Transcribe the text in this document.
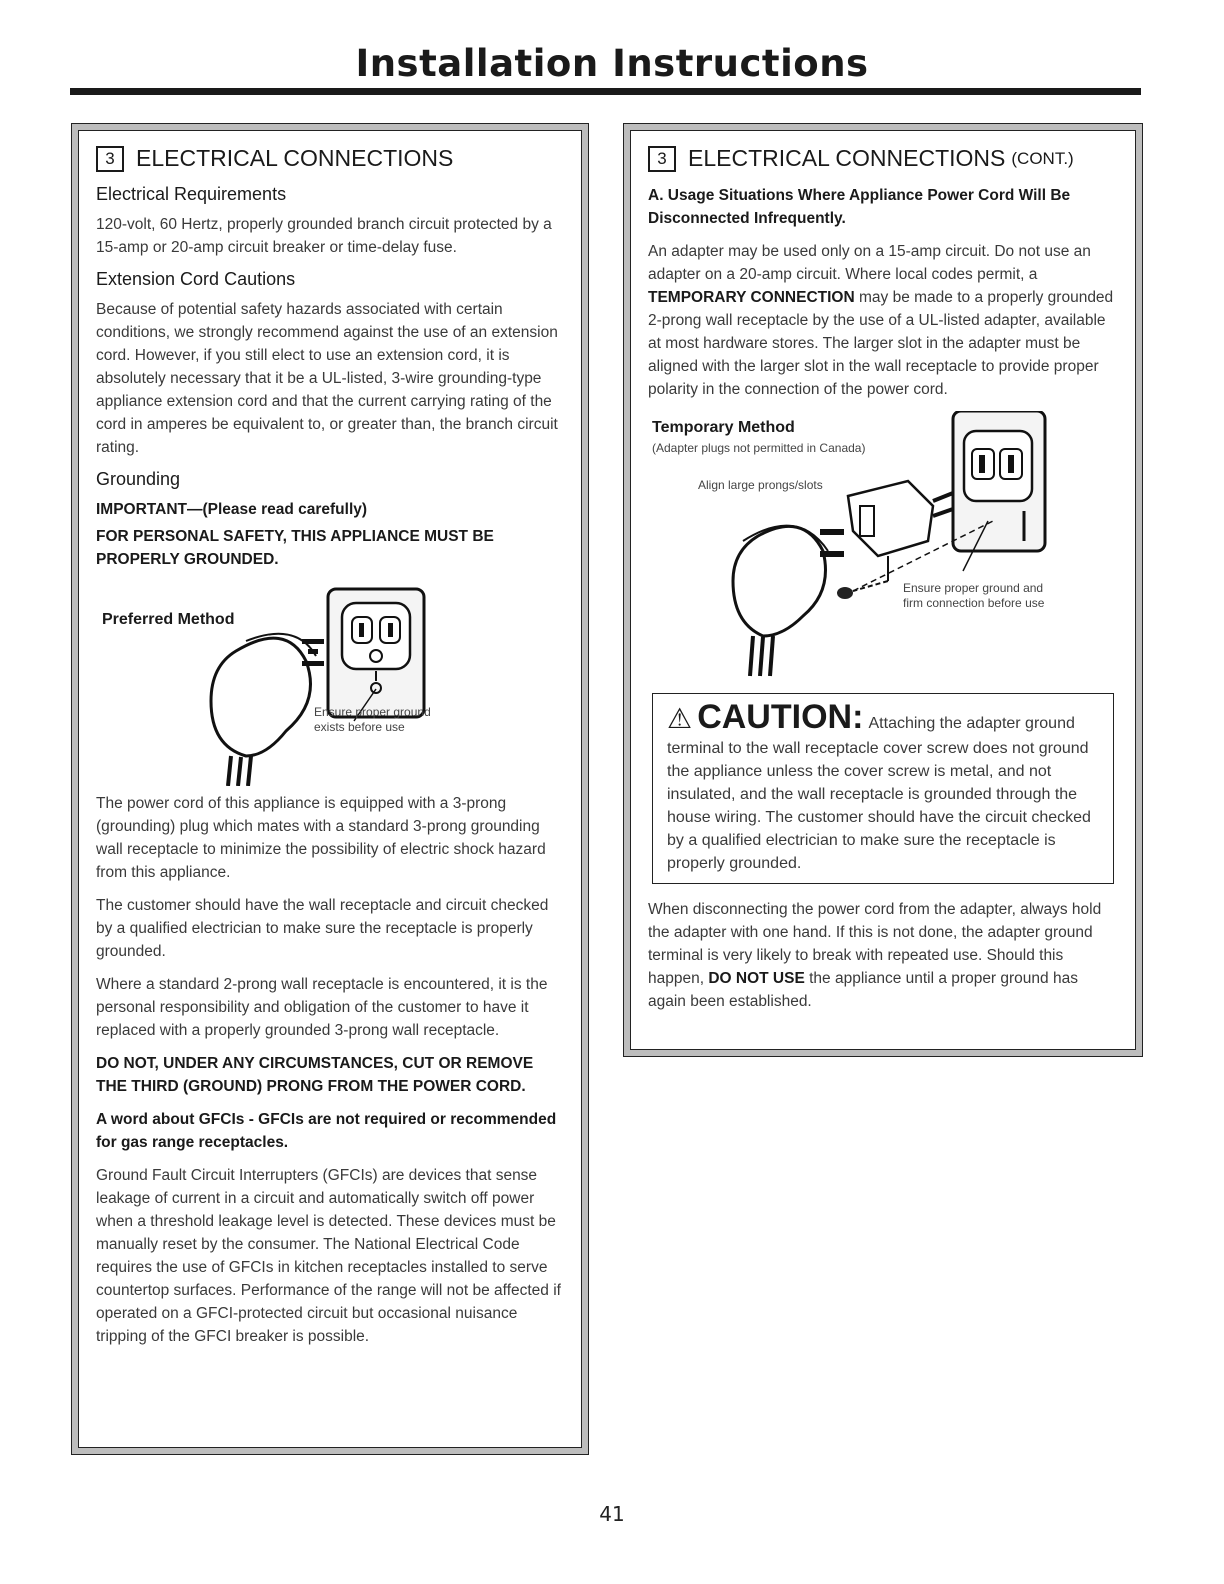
Installation Instructions
3 ELECTRICAL CONNECTIONS
Electrical Requirements

120-volt, 60 Hertz, properly grounded branch circuit protected by a 15-amp or 20-amp circuit breaker or time-delay fuse.

Extension Cord Cautions

Because of potential safety hazards associated with certain conditions, we strongly recommend against the use of an extension cord. However, if you still elect to use an extension cord, it is absolutely necessary that it be a UL-listed, 3-wire grounding-type appliance extension cord and that the current carrying rating of the cord in amperes be equivalent to, or greater than, the branch circuit rating.

Grounding

IMPORTANT—(Please read carefully)

FOR PERSONAL SAFETY, THIS APPLIANCE MUST BE PROPERLY GROUNDED.

Preferred Method
Ensure proper ground exists before use

The power cord of this appliance is equipped with a 3-prong (grounding) plug which mates with a standard 3-prong grounding wall receptacle to minimize the possibility of electric shock hazard from this appliance.

The customer should have the wall receptacle and circuit checked by a qualified electrician to make sure the receptacle is properly grounded.

Where a standard 2-prong wall receptacle is encountered, it is the personal responsibility and obligation of the customer to have it replaced with a properly grounded 3-prong wall receptacle.

DO NOT, UNDER ANY CIRCUMSTANCES, CUT OR REMOVE THE THIRD (GROUND) PRONG FROM THE POWER CORD.

A word about GFCIs - GFCIs are not required or recommended for gas range receptacles.

Ground Fault Circuit Interrupters (GFCIs) are devices that sense leakage of current in a circuit and automatically switch off power when a threshold leakage level is detected. These devices must be manually reset by the consumer. The National Electrical Code requires the use of GFCIs in kitchen receptacles installed to serve countertop surfaces. Performance of the range will not be affected if operated on a GFCI-protected circuit but occasional nuisance tripping of the GFCI breaker is possible.

3 ELECTRICAL CONNECTIONS (CONT.)

A. Usage Situations Where Appliance Power Cord Will Be Disconnected Infrequently.

An adapter may be used only on a 15-amp circuit. Do not use an adapter on a 20-amp circuit. Where local codes permit, a TEMPORARY CONNECTION may be made to a properly grounded 2-prong wall receptacle by the use of a UL-listed adapter, available at most hardware stores. The larger slot in the adapter must be aligned with the larger slot in the wall receptacle to provide proper polarity in the connection of the power cord.

Temporary Method
(Adapter plugs not permitted in Canada)
Align large prongs/slots
Ensure proper ground and firm connection before use
⚠ CAUTION: Attaching the adapter ground terminal to the wall receptacle cover screw does not ground the appliance unless the cover screw is metal, and not insulated, and the wall receptacle is grounded through the house wiring. The customer should have the circuit checked by a qualified electrician to make sure the receptacle is properly grounded.

When disconnecting the power cord from the adapter, always hold the adapter with one hand. If this is not done, the adapter ground terminal is very likely to break with repeated use. Should this happen, DO NOT USE the appliance until a proper ground has again been established.

41
